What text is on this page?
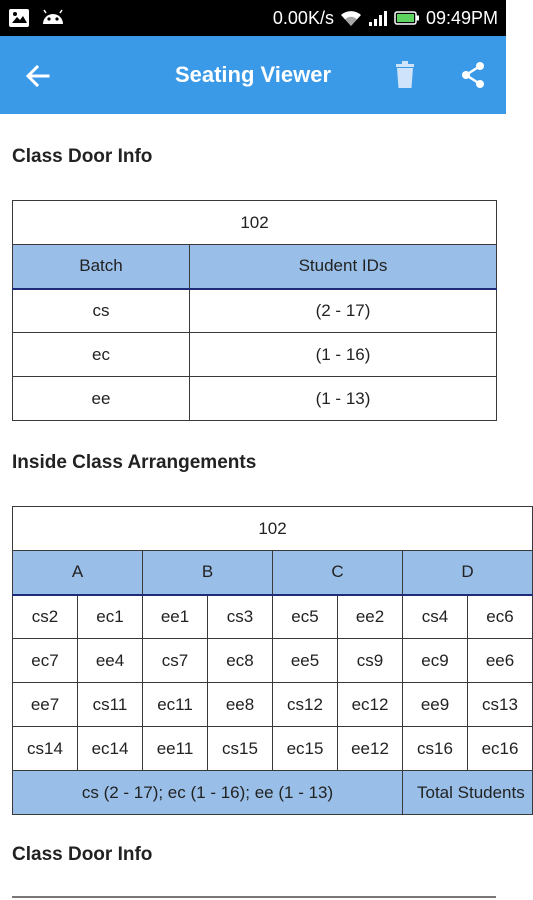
0.00K/s	09:49PM
Seating Viewer
Class Door Info
102	
Batch	Student IDs
cs	(2 - 17)
ec	(1 - 16)
ee	(1 - 13)
Inside Class Arrangements
102							
A		B		C		D	
cs2	ec1	ee1	cs3	ec5	ee2	cs4	ec6
ec7	ee4	cs7	ec8	ee5	cs9	ec9	ee6
ee7	cs11	ec11	ee8	cs12	ec12	ee9	cs13
cs14	ec14	ee11	cs15	ec15	ee12	cs16	ec16
cs (2 - 17); ec (1 - 16); ee (1 - 13)						Total Students	
Class Door Info
